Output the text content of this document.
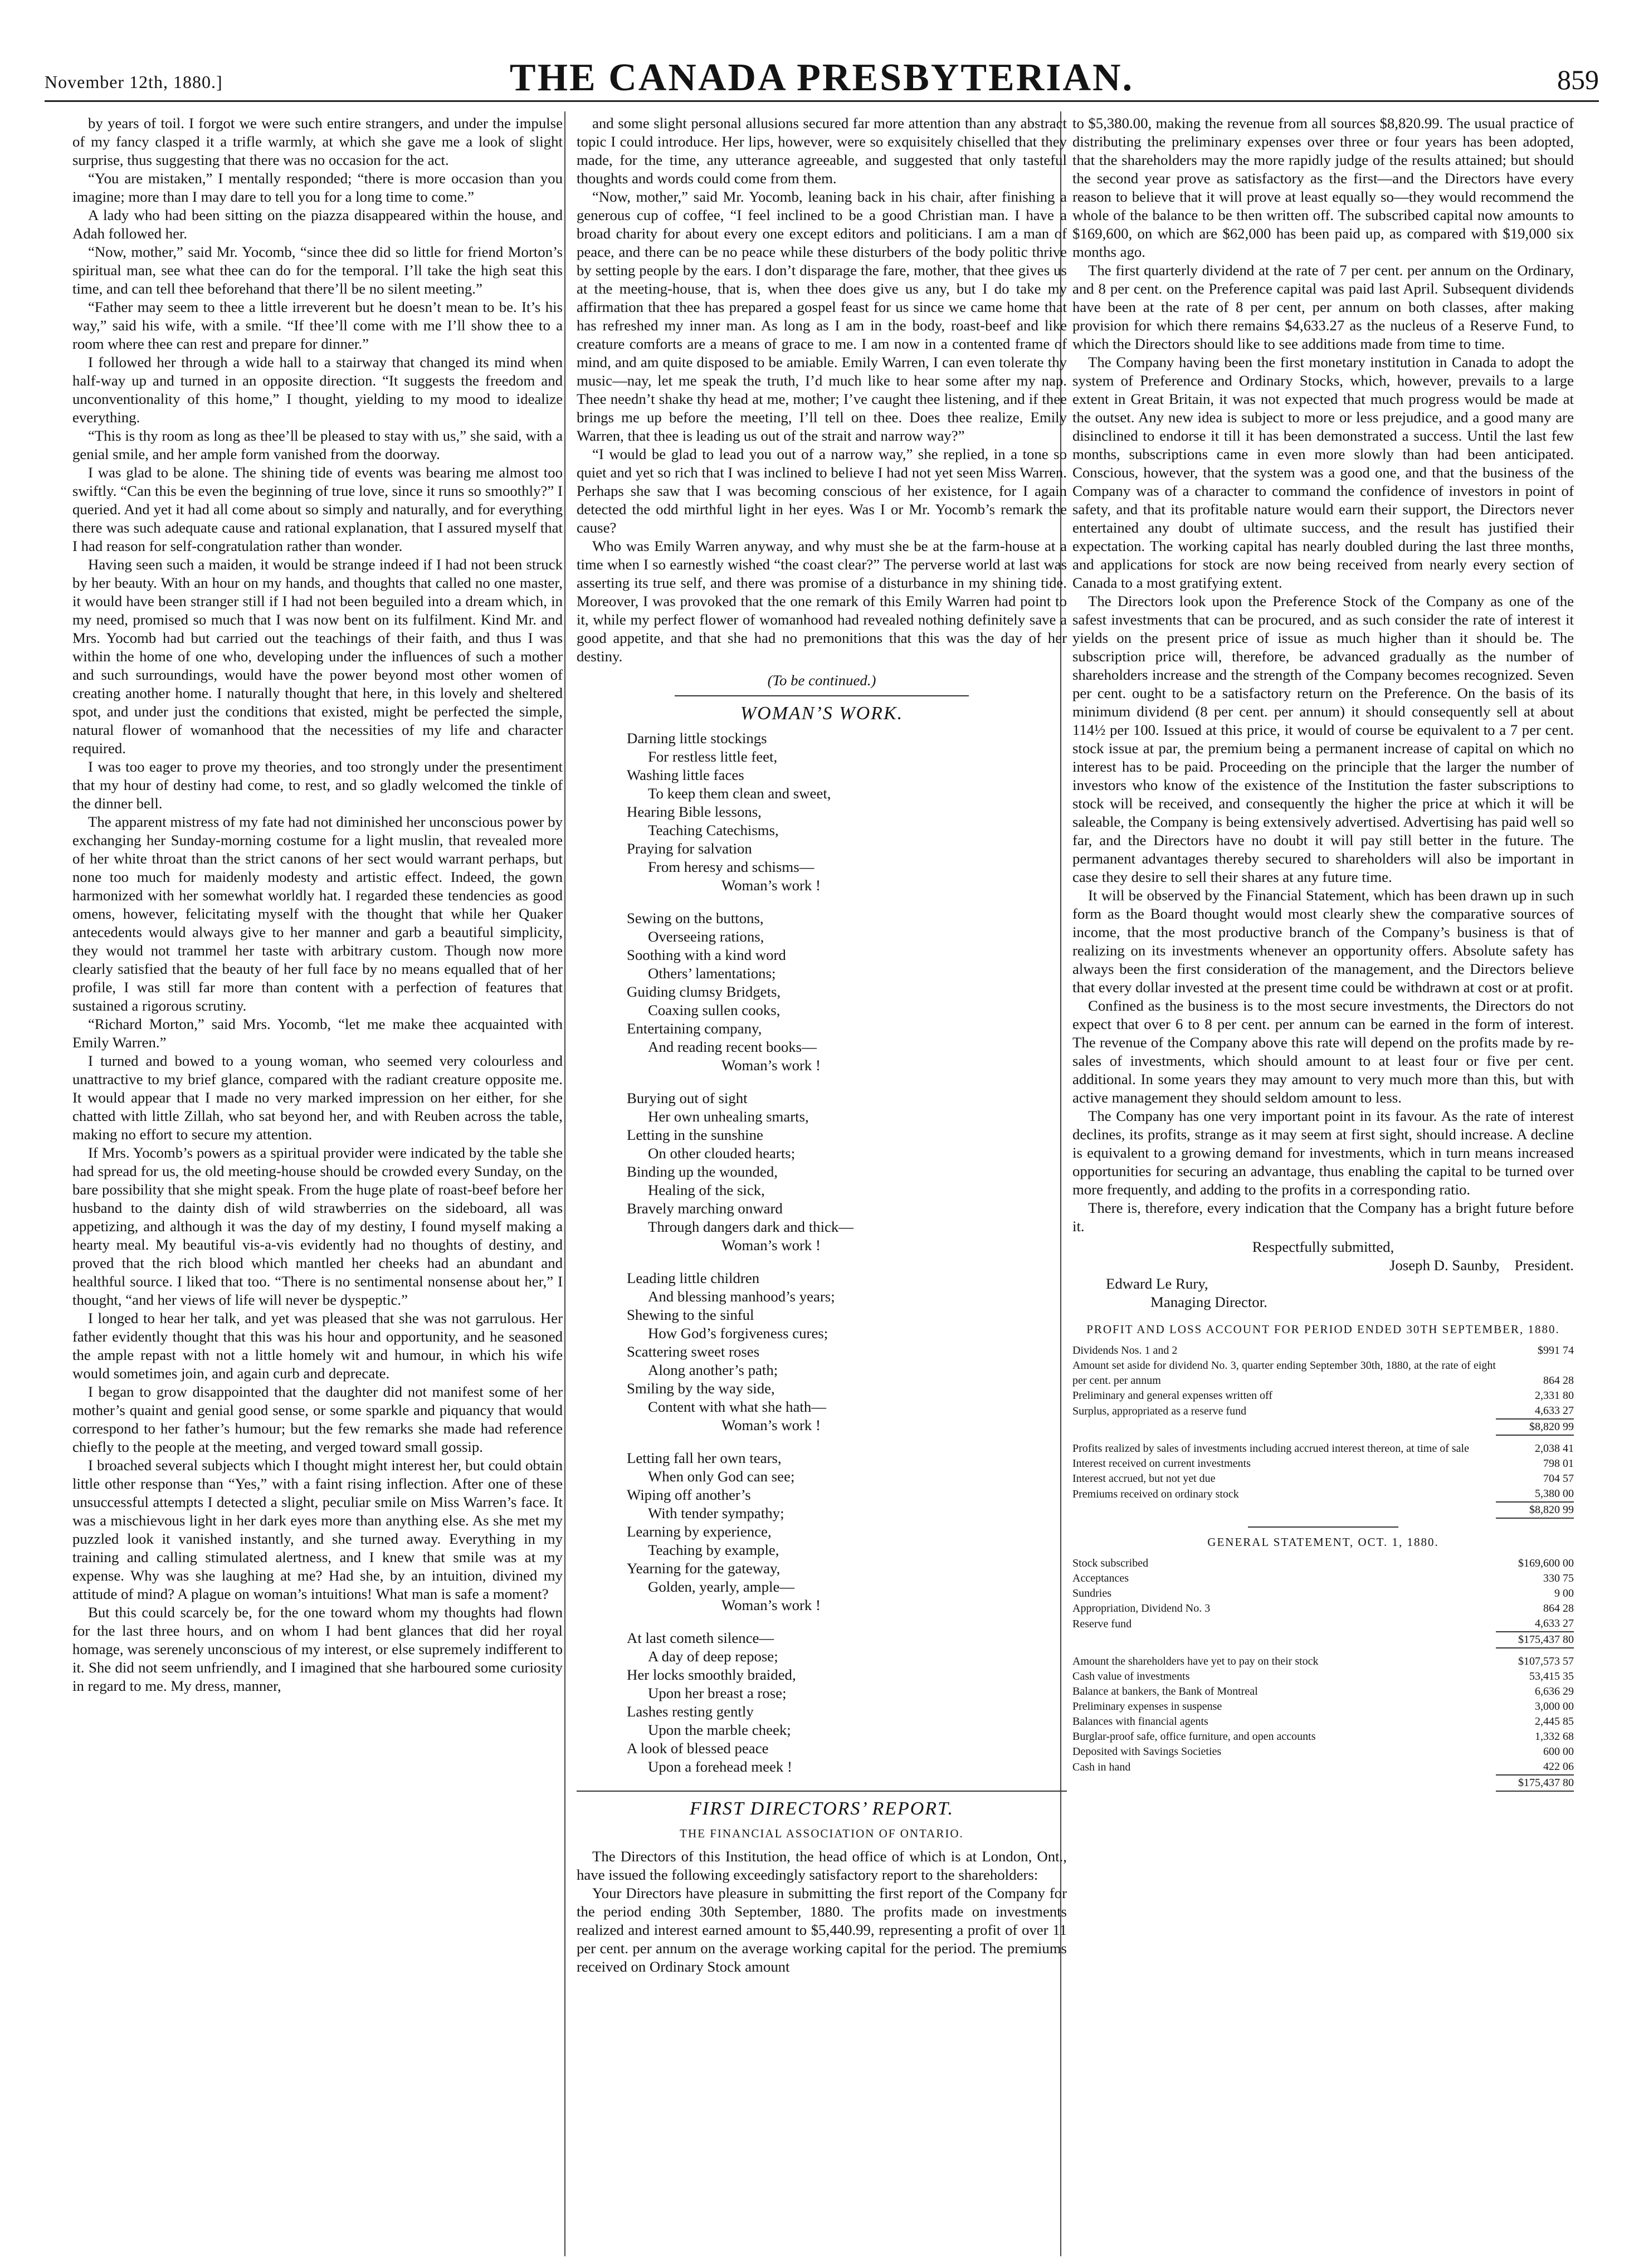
November 12th, 1880.]	THE CANADA PRESBYTERIAN.	859

by years of toil. I forgot we were such entire strangers, and under the impulse of my fancy clasped it a trifle warmly, at which she gave me a look of slight surprise, thus suggesting that there was no occasion for the act.

“You are mistaken,” I mentally responded; “there is more occasion than you imagine; more than I may dare to tell you for a long time to come.”

A lady who had been sitting on the piazza disappeared within the house, and Adah followed her.

“Now, mother,” said Mr. Yocomb, “since thee did so little for friend Morton’s spiritual man, see what thee can do for the temporal. I’ll take the high seat this time, and can tell thee beforehand that there’ll be no silent meeting.”

“Father may seem to thee a little irreverent but he doesn’t mean to be. It’s his way,” said his wife, with a smile. “If thee’ll come with me I’ll show thee to a room where thee can rest and prepare for dinner.”

I followed her through a wide hall to a stairway that changed its mind when half-way up and turned in an opposite direction. “It suggests the freedom and unconventionality of this home,” I thought, yielding to my mood to idealize everything.

“This is thy room as long as thee’ll be pleased to stay with us,” she said, with a genial smile, and her ample form vanished from the doorway.

I was glad to be alone. The shining tide of events was bearing me almost too swiftly. “Can this be even the beginning of true love, since it runs so smoothly?” I queried. And yet it had all come about so simply and naturally, and for everything there was such adequate cause and rational explanation, that I assured myself that I had reason for self-congratulation rather than wonder.

Having seen such a maiden, it would be strange indeed if I had not been struck by her beauty. With an hour on my hands, and thoughts that called no one master, it would have been stranger still if I had not been beguiled into a dream which, in my need, promised so much that I was now bent on its fulfilment. Kind Mr. and Mrs. Yocomb had but carried out the teachings of their faith, and thus I was within the home of one who, developing under the influences of such a mother and such surroundings, would have the power beyond most other women of creating another home. I naturally thought that here, in this lovely and sheltered spot, and under just the conditions that existed, might be perfected the simple, natural flower of womanhood that the necessities of my life and character required.

I was too eager to prove my theories, and too strongly under the presentiment that my hour of destiny had come, to rest, and so gladly welcomed the tinkle of the dinner bell.

The apparent mistress of my fate had not diminished her unconscious power by exchanging her Sunday-morning costume for a light muslin, that revealed more of her white throat than the strict canons of her sect would warrant perhaps, but none too much for maidenly modesty and artistic effect. Indeed, the gown harmonized with her somewhat worldly hat. I regarded these tendencies as good omens, however, felicitating myself with the thought that while her Quaker antecedents would always give to her manner and garb a beautiful simplicity, they would not trammel her taste with arbitrary custom. Though now more clearly satisfied that the beauty of her full face by no means equalled that of her profile, I was still far more than content with a perfection of features that sustained a rigorous scrutiny.

“Richard Morton,” said Mrs. Yocomb, “let me make thee acquainted with Emily Warren.”

I turned and bowed to a young woman, who seemed very colourless and unattractive to my brief glance, compared with the radiant creature opposite me. It would appear that I made no very marked impression on her either, for she chatted with little Zillah, who sat beyond her, and with Reuben across the table, making no effort to secure my attention.

If Mrs. Yocomb’s powers as a spiritual provider were indicated by the table she had spread for us, the old meeting-house should be crowded every Sunday, on the bare possibility that she might speak. From the huge plate of roast-beef before her husband to the dainty dish of wild strawberries on the sideboard, all was appetizing, and although it was the day of my destiny, I found myself making a hearty meal. My beautiful vis-a-vis evidently had no thoughts of destiny, and proved that the rich blood which mantled her cheeks had an abundant and healthful source. I liked that too. “There is no sentimental nonsense about her,” I thought, “and her views of life will never be dyspeptic.”

I longed to hear her talk, and yet was pleased that she was not garrulous. Her father evidently thought that this was his hour and opportunity, and he seasoned the ample repast with not a little homely wit and humour, in which his wife would sometimes join, and again curb and deprecate.

I began to grow disappointed that the daughter did not manifest some of her mother’s quaint and genial good sense, or some sparkle and piquancy that would correspond to her father’s humour; but the few remarks she made had reference chiefly to the people at the meeting, and verged toward small gossip.

I broached several subjects which I thought might interest her, but could obtain little other response than “Yes,” with a faint rising inflection. After one of these unsuccessful attempts I detected a slight, peculiar smile on Miss Warren’s face. It was a mischievous light in her dark eyes more than anything else. As she met my puzzled look it vanished instantly, and she turned away. Everything in my training and calling stimulated alertness, and I knew that smile was at my expense. Why was she laughing at me? Had she, by an intuition, divined my attitude of mind? A plague on woman’s intuitions! What man is safe a moment?

But this could scarcely be, for the one toward whom my thoughts had flown for the last three hours, and on whom I had bent glances that did her royal homage, was serenely unconscious of my interest, or else supremely indifferent to it. She did not seem unfriendly, and I imagined that she harboured some curiosity in regard to me. My dress, manner,

and some slight personal allusions secured far more attention than any abstract topic I could introduce. Her lips, however, were so exquisitely chiselled that they made, for the time, any utterance agreeable, and suggested that only tasteful thoughts and words could come from them.

“Now, mother,” said Mr. Yocomb, leaning back in his chair, after finishing a generous cup of coffee, “I feel inclined to be a good Christian man. I have a broad charity for about every one except editors and politicians. I am a man of peace, and there can be no peace while these disturbers of the body politic thrive by setting people by the ears. I don’t disparage the fare, mother, that thee gives us at the meeting-house, that is, when thee does give us any, but I do take my affirmation that thee has prepared a gospel feast for us since we came home that has refreshed my inner man. As long as I am in the body, roast-beef and like creature comforts are a means of grace to me. I am now in a contented frame of mind, and am quite disposed to be amiable. Emily Warren, I can even tolerate thy music—nay, let me speak the truth, I’d much like to hear some after my nap. Thee needn’t shake thy head at me, mother; I’ve caught thee listening, and if thee brings me up before the meeting, I’ll tell on thee. Does thee realize, Emily Warren, that thee is leading us out of the strait and narrow way?”

“I would be glad to lead you out of a narrow way,” she replied, in a tone so quiet and yet so rich that I was inclined to believe I had not yet seen Miss Warren. Perhaps she saw that I was becoming conscious of her existence, for I again detected the odd mirthful light in her eyes. Was I or Mr. Yocomb’s remark the cause?

Who was Emily Warren anyway, and why must she be at the farm-house at a time when I so earnestly wished “the coast clear?” The perverse world at last was asserting its true self, and there was promise of a disturbance in my shining tide. Moreover, I was provoked that the one remark of this Emily Warren had point to it, while my perfect flower of womanhood had revealed nothing definitely save a good appetite, and that she had no premonitions that this was the day of her destiny.

(To be continued.)

WOMAN’S WORK.
Darning little stockings
For restless little feet,
Washing little faces
To keep them clean and sweet,
Hearing Bible lessons,
Teaching Catechisms,
Praying for salvation
From heresy and schisms—
Woman’s work !
Sewing on the buttons,
Overseeing rations,
Soothing with a kind word
Others’ lamentations;
Guiding clumsy Bridgets,
Coaxing sullen cooks,
Entertaining company,
And reading recent books—
Woman’s work !
Burying out of sight
Her own unhealing smarts,
Letting in the sunshine
On other clouded hearts;
Binding up the wounded,
Healing of the sick,
Bravely marching onward
Through dangers dark and thick—
Woman’s work !
Leading little children
And blessing manhood’s years;
Shewing to the sinful
How God’s forgiveness cures;
Scattering sweet roses
Along another’s path;
Smiling by the way side,
Content with what she hath—
Woman’s work !
Letting fall her own tears,
When only God can see;
Wiping off another’s
With tender sympathy;
Learning by experience,
Teaching by example,
Yearning for the gateway,
Golden, yearly, ample—
Woman’s work !
At last cometh silence—
A day of deep repose;
Her locks smoothly braided,
Upon her breast a rose;
Lashes resting gently
Upon the marble cheek;
A look of blessed peace
Upon a forehead meek !
FIRST DIRECTORS’ REPORT.
THE FINANCIAL ASSOCIATION OF ONTARIO.

The Directors of this Institution, the head office of which is at London, Ont., have issued the following exceedingly satisfactory report to the shareholders:

Your Directors have pleasure in submitting the first report of the Company for the period ending 30th September, 1880. The profits made on investments realized and interest earned amount to $5,440.99, representing a profit of over 11 per cent. per annum on the average working capital for the period. The premiums received on Ordinary Stock amount

to $5,380.00, making the revenue from all sources $8,820.99. The usual practice of distributing the preliminary expenses over three or four years has been adopted, that the shareholders may the more rapidly judge of the results attained; but should the second year prove as satisfactory as the first—and the Directors have every reason to believe that it will prove at least equally so—they would recommend the whole of the balance to be then written off. The subscribed capital now amounts to $169,600, on which are $62,000 has been paid up, as compared with $19,000 six months ago.

The first quarterly dividend at the rate of 7 per cent. per annum on the Ordinary, and 8 per cent. on the Preference capital was paid last April. Subsequent dividends have been at the rate of 8 per cent, per annum on both classes, after making provision for which there remains $4,633.27 as the nucleus of a Reserve Fund, to which the Directors should like to see additions made from time to time.

The Company having been the first monetary institution in Canada to adopt the system of Preference and Ordinary Stocks, which, however, prevails to a large extent in Great Britain, it was not expected that much progress would be made at the outset. Any new idea is subject to more or less prejudice, and a good many are disinclined to endorse it till it has been demonstrated a success. Until the last few months, subscriptions came in even more slowly than had been anticipated. Conscious, however, that the system was a good one, and that the business of the Company was of a character to command the confidence of investors in point of safety, and that its profitable nature would earn their support, the Directors never entertained any doubt of ultimate success, and the result has justified their expectation. The working capital has nearly doubled during the last three months, and applications for stock are now being received from nearly every section of Canada to a most gratifying extent.

The Directors look upon the Preference Stock of the Company as one of the safest investments that can be procured, and as such consider the rate of interest it yields on the present price of issue as much higher than it should be. The subscription price will, therefore, be advanced gradually as the number of shareholders increase and the strength of the Company becomes recognized. Seven per cent. ought to be a satisfactory return on the Preference. On the basis of its minimum dividend (8 per cent. per annum) it should consequently sell at about 114½ per 100. Issued at this price, it would of course be equivalent to a 7 per cent. stock issue at par, the premium being a permanent increase of capital on which no interest has to be paid. Proceeding on the principle that the larger the number of investors who know of the existence of the Institution the faster subscriptions to stock will be received, and consequently the higher the price at which it will be saleable, the Company is being extensively advertised. Advertising has paid well so far, and the Directors have no doubt it will pay still better in the future. The permanent advantages thereby secured to shareholders will also be important in case they desire to sell their shares at any future time.

It will be observed by the Financial Statement, which has been drawn up in such form as the Board thought would most clearly shew the comparative sources of income, that the most productive branch of the Company’s business is that of realizing on its investments whenever an opportunity offers. Absolute safety has always been the first consideration of the management, and the Directors believe that every dollar invested at the present time could be withdrawn at cost or at profit.

Confined as the business is to the most secure investments, the Directors do not expect that over 6 to 8 per cent. per annum can be earned in the form of interest. The revenue of the Company above this rate will depend on the profits made by re-sales of investments, which should amount to at least four or five per cent. additional. In some years they may amount to very much more than this, but with active management they should seldom amount to less.

The Company has one very important point in its favour. As the rate of interest declines, its profits, strange as it may seem at first sight, should increase. A decline is equivalent to a growing demand for investments, which in turn means increased opportunities for securing an advantage, thus enabling the capital to be turned over more frequently, and adding to the profits in a corresponding ratio.

There is, therefore, every indication that the Company has a bright future before it.

Respectfully submitted,

Joseph D. Saunby, President.
Edward Le Rury,
Managing Director.
PROFIT AND LOSS ACCOUNT FOR PERIOD ENDED 30TH SEPTEMBER, 1880.
Dividends Nos. 1 and 2	$991 74
Amount set aside for dividend No. 3, quarter ending September 30th, 1880, at the rate of eight per cent. per annum	864 28
Preliminary and general expenses written off	2,331 80
Surplus, appropriated as a reserve fund	4,633 27
	$8,820 99
Profits realized by sales of investments including accrued interest thereon, at time of sale	2,038 41
Interest received on current investments	798 01
Interest accrued, but not yet due	704 57
Premiums received on ordinary stock	5,380 00
	$8,820 99
GENERAL STATEMENT, OCT. 1, 1880.
Stock subscribed	$169,600 00
Acceptances	330 75
Sundries	9 00
Appropriation, Dividend No. 3	864 28
Reserve fund	4,633 27
	$175,437 80
Amount the shareholders have yet to pay on their stock	$107,573 57
Cash value of investments	53,415 35
Balance at bankers, the Bank of Montreal	6,636 29
Preliminary expenses in suspense	3,000 00
Balances with financial agents	2,445 85
Burglar-proof safe, office furniture, and open accounts	1,332 68
Deposited with Savings Societies	600 00
Cash in hand	422 06
	$175,437 80
